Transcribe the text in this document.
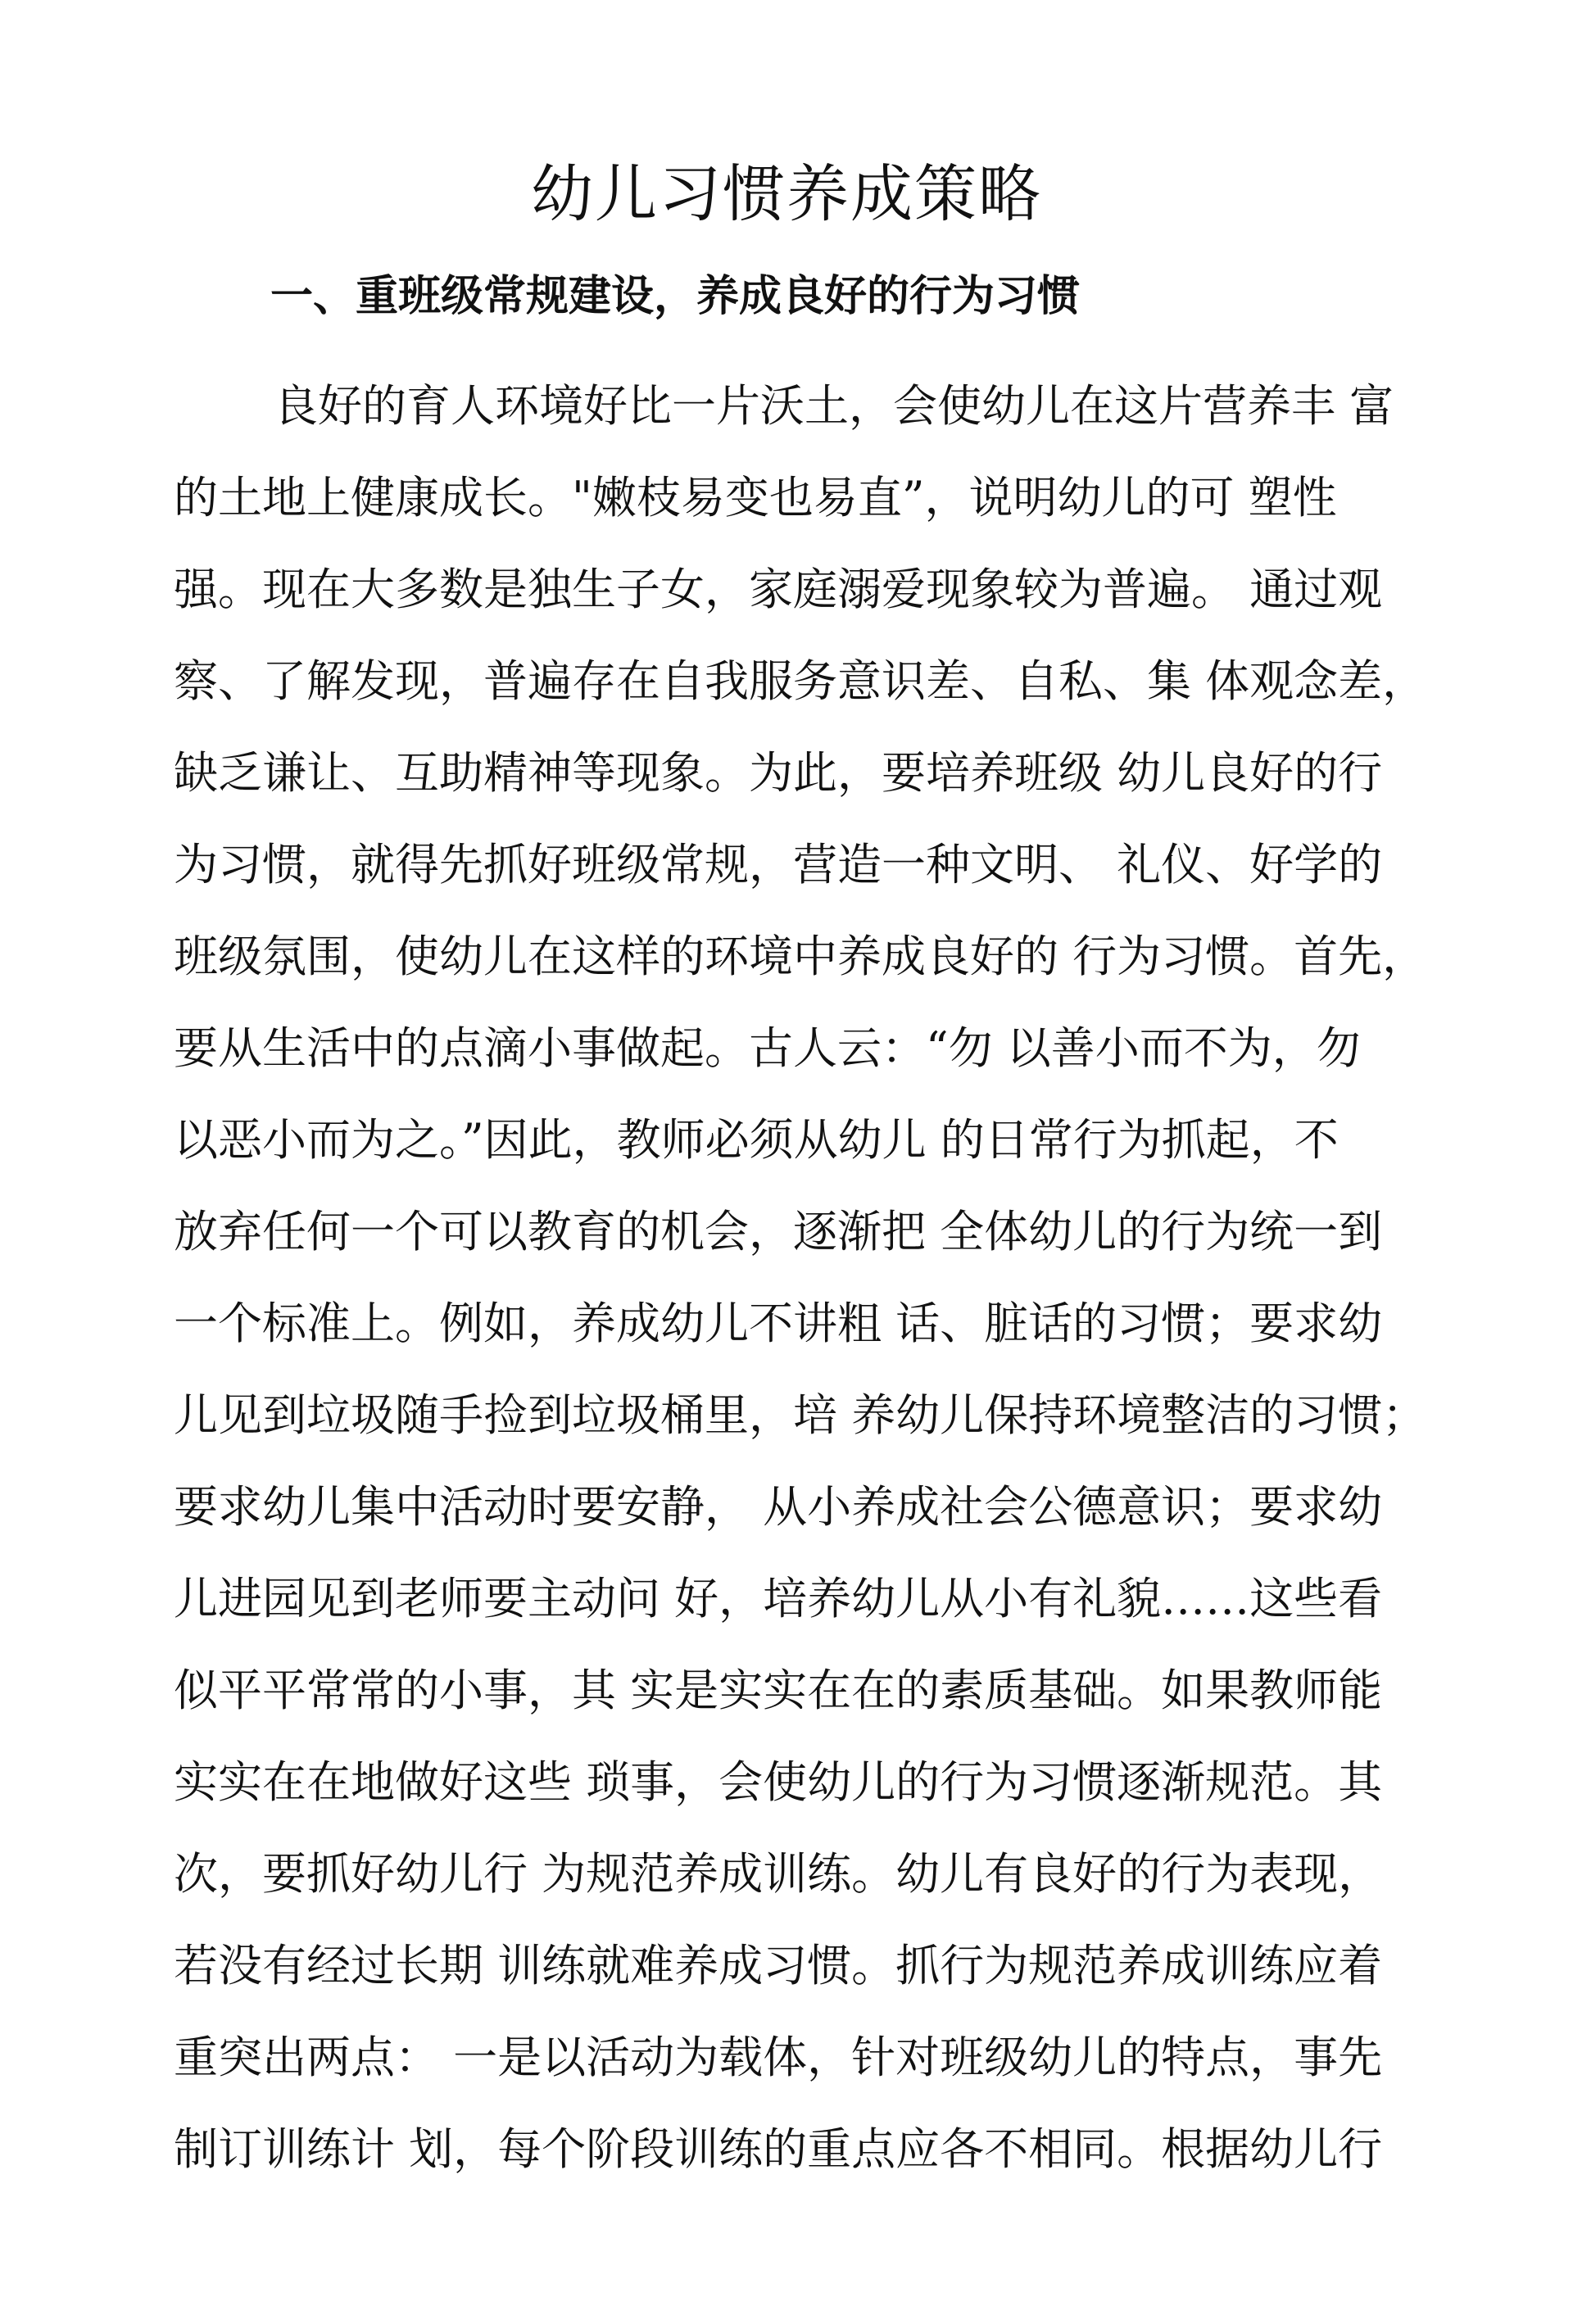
幼儿习惯养成策略
一、重班级常规建设，养成良好的行为习惯
良好的育人环境好比一片沃土，会使幼儿在这片营养丰 富
的土地上健康成长。"嫩枝易变也易直”，说明幼儿的可 塑性
强。现在大多数是独生子女，家庭溺爱现象较为普遍。 通过观
察、了解发现，普遍存在自我服务意识差、自私、集 体观念差，
缺乏谦让、互助精神等现象。为此，要培养班级 幼儿良好的行
为习惯，就得先抓好班级常规，营造一种文明、 礼仪、好学的
班级氛围，使幼儿在这样的环境中养成良好的 行为习惯。首先，
要从生活中的点滴小事做起。古人云：“勿 以善小而不为，勿
以恶小而为之。”因此，教师必须从幼儿 的日常行为抓起，不
放弃任何一个可以教育的机会，逐渐把 全体幼儿的行为统一到
一个标准上。例如，养成幼儿不讲粗 话、脏话的习惯；要求幼
儿见到垃圾随手捡到垃圾桶里，培 养幼儿保持环境整洁的习惯；
要求幼儿集中活动时要安静， 从小养成社会公德意识；要求幼
儿进园见到老师要主动问 好，培养幼儿从小有礼貌……这些看
似平平常常的小事，其 实是实实在在的素质基础。如果教师能
实实在在地做好这些 琐事，会使幼儿的行为习惯逐渐规范。其
次，要抓好幼儿行 为规范养成训练。幼儿有良好的行为表现，
若没有经过长期 训练就难养成习惯。抓行为规范养成训练应着
重突出两点： 一是以活动为载体，针对班级幼儿的特点，事先
制订训练计 划，每个阶段训练的重点应各不相同。根据幼儿行
